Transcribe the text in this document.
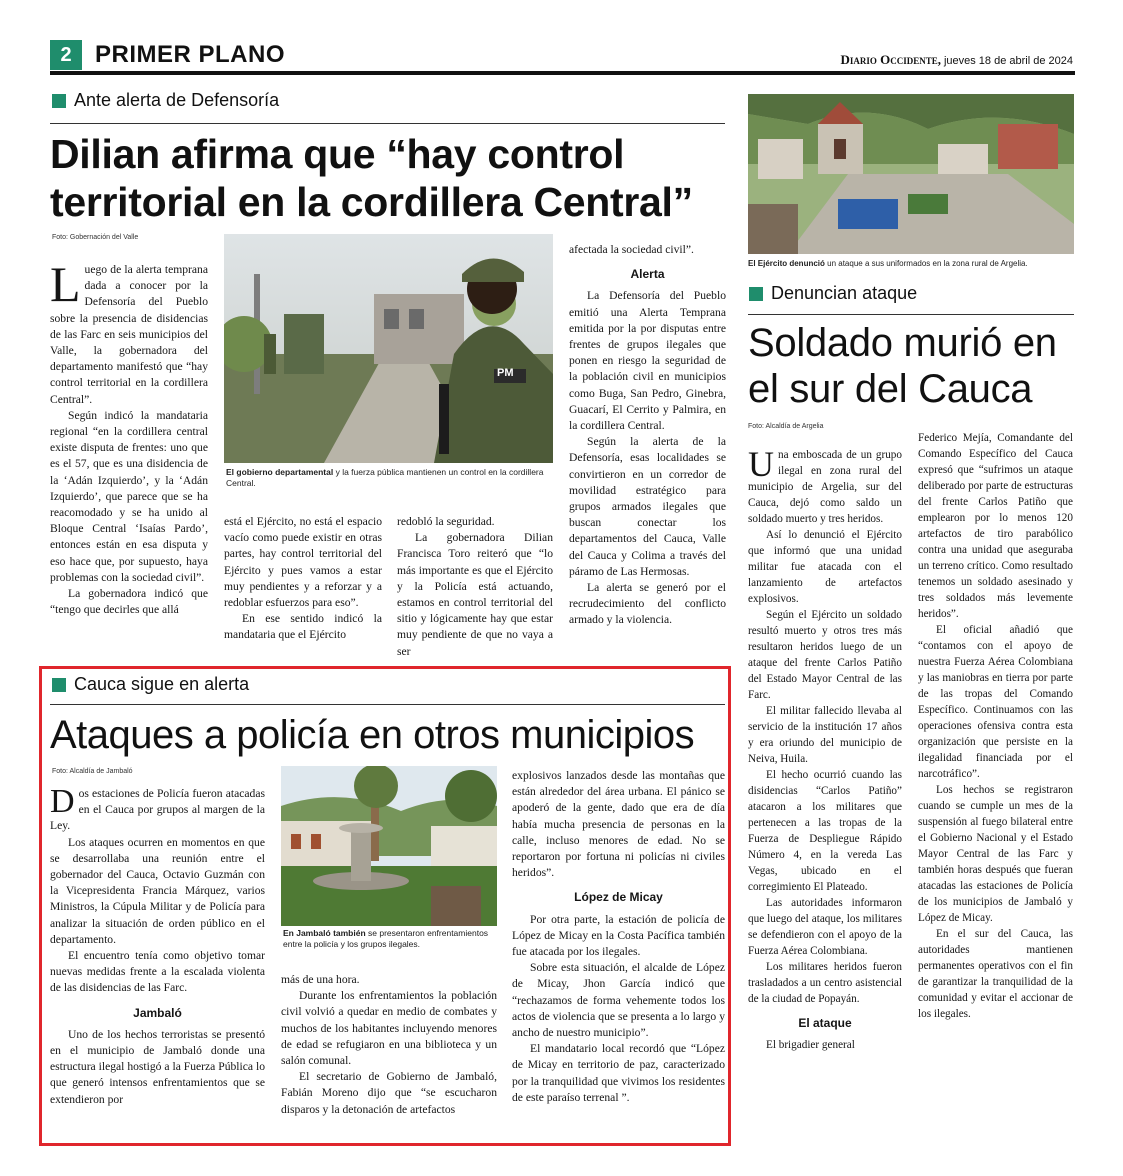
2 PRIMER PLANO	Diario Occidente, jueves 18 de abril de 2024
Ante alerta de Defensoría
Dilian afirma que “hay control territorial en la cordillera Central”
Foto: Gobernación del Valle
PM
El gobierno departamental y la fuerza pública mantienen un control en la cordillera Central.

Luego de la alerta temprana dada a conocer por la Defensoría del Pueblo sobre la presencia de disidencias de las Farc en seis municipios del Valle, la gobernadora del departamento manifestó que “hay control territorial en la cordillera Central”.

Según indicó la mandataria regional “en la cordillera central existe disputa de frentes: uno que es el 57, que es una disidencia de la ‘Adán Izquierdo’, y la ‘Adán Izquierdo’, que parece que se ha reacomodado y se ha unido al Bloque Central ‘Isaías Pardo’, entonces están en esa disputa y eso hace que, por supuesto, haya problemas con la sociedad civil”.

La gobernadora indicó que “tengo que decirles que allá

está el Ejército, no está el espacio vacío como puede existir en otras partes, hay control territorial del Ejército y pues vamos a estar muy pendientes y a reforzar y a redoblar esfuerzos para eso”.

En ese sentido indicó la mandataria que el Ejército

redobló la seguridad.

La gobernadora Dilian Francisca Toro reiteró que “lo más importante es que el Ejército y la Policía está actuando, estamos en control territorial del sitio y lógicamente hay que estar muy pendiente de que no vaya a ser

afectada la sociedad civil”.

Alerta

La Defensoría del Pueblo emitió una Alerta Temprana emitida por la por disputas entre frentes de grupos ilegales que ponen en riesgo la seguridad de la población civil en municipios como Buga, San Pedro, Ginebra, Guacarí, El Cerrito y Palmira, en la cordillera Central.

Según la alerta de la Defensoría, esas localidades se convirtieron en un corredor de movilidad estratégico para grupos armados ilegales que buscan conectar los departamentos del Cauca, Valle del Cauca y Colima a través del páramo de Las Hermosas.

La alerta se generó por el recrudecimiento del conflicto armado y la violencia.

El Ejército denunció un ataque a sus uniformados en la zona rural de Argelia.
Denuncian ataque
Soldado murió en el sur del Cauca
Foto: Alcaldía de Argelia

Una emboscada de un grupo ilegal en zona rural del municipio de Argelia, sur del Cauca, dejó como saldo un soldado muerto y tres heridos.

Así lo denunció el Ejército que informó que una unidad militar fue atacada con el lanzamiento de artefactos explosivos.

Según el Ejército un soldado resultó muerto y otros tres más resultaron heridos luego de un ataque del frente Carlos Patiño del Estado Mayor Central de las Farc.

El militar fallecido llevaba al servicio de la institución 17 años y era oriundo del municipio de Neiva, Huila.

El hecho ocurrió cuando las disidencias “Carlos Patiño” atacaron a los militares que pertenecen a las tropas de la Fuerza de Despliegue Rápido Número 4, en la vereda Las Vegas, ubicado en el corregimiento El Plateado.

Las autoridades informaron que luego del ataque, los militares se defendieron con el apoyo de la Fuerza Aérea Colombiana.

Los militares heridos fueron trasladados a un centro asistencial de la ciudad de Popayán.

El ataque

El brigadier general

Federico Mejía, Comandante del Comando Específico del Cauca expresó que “sufrimos un ataque deliberado por parte de estructuras del frente Carlos Patiño que emplearon por lo menos 120 artefactos de tiro parabólico contra una unidad que aseguraba un terreno crítico. Como resultado tenemos un soldado asesinado y tres soldados más levemente heridos”.

El oficial añadió que “contamos con el apoyo de nuestra Fuerza Aérea Colombiana y las maniobras en tierra por parte de las tropas del Comando Específico. Continuamos con las operaciones ofensiva contra esta organización que persiste en la ilegalidad financiada por el narcotráfico”.

Los hechos se registraron cuando se cumple un mes de la suspensión al fuego bilateral entre el Gobierno Nacional y el Estado Mayor Central de las Farc y también horas después que fueran atacadas las estaciones de Policía de los municipios de Jambaló y López de Micay.

En el sur del Cauca, las autoridades mantienen permanentes operativos con el fin de garantizar la tranquilidad de la comunidad y evitar el accionar de los ilegales.

Cauca sigue en alerta
Ataques a policía en otros municipios
Foto: Alcaldía de Jambaló
En Jambaló también se presentaron enfrentamientos entre la policía y los grupos ilegales.

Dos estaciones de Policía fueron atacadas en el Cauca por grupos al margen de la Ley.

Los ataques ocurren en momentos en que se desarrollaba una reunión entre el gobernador del Cauca, Octavio Guzmán con la Vicepresidenta Francia Márquez, varios Ministros, la Cúpula Militar y de Policía para analizar la situación de orden público en el departamento.

El encuentro tenía como objetivo tomar nuevas medidas frente a la escalada violenta de las disidencias de las Farc.

Jambaló

Uno de los hechos terroristas se presentó en el municipio de Jambaló donde una estructura ilegal hostigó a la Fuerza Pública lo que generó intensos enfrentamientos que se extendieron por

más de una hora.

Durante los enfrentamientos la población civil volvió a quedar en medio de combates y muchos de los habitantes incluyendo menores de edad se refugiaron en una biblioteca y un salón comunal.

El secretario de Gobierno de Jambaló, Fabián Moreno dijo que “se escucharon disparos y la detonación de artefactos

explosivos lanzados desde las montañas que están alrededor del área urbana. El pánico se apoderó de la gente, dado que era de día había mucha presencia de personas en la calle, incluso menores de edad. No se reportaron por fortuna ni policías ni civiles heridos”.

López de Micay

Por otra parte, la estación de policía de López de Micay en la Costa Pacífica también fue atacada por los ilegales.

Sobre esta situación, el alcalde de López de Micay, Jhon García indicó que “rechazamos de forma vehemente todos los actos de violencia que se presenta a lo largo y ancho de nuestro municipio”.

El mandatario local recordó que “López de Micay en territorio de paz, caracterizado por la tranquilidad que vivimos los residentes de este paraíso terrenal ”.
